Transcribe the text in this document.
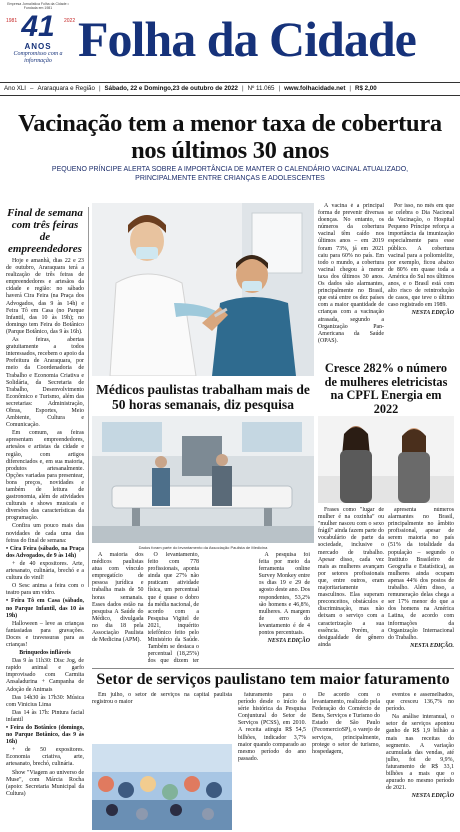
Empresa Jornalística Folha da Cidade • Fundada em 1981
1981	2022
41
ANOS
Compromisso com a informação Folha da Cidade
Ano XLI – Araraquara e Região | Sábado, 22 e Domingo,23 de outubro de 2022 | Nº 11.065 | www.folhacidade.net | R$ 2,00
Vacinação tem a menor taxa de cobertura nos últimos 30 anos
PEQUENO PRÍNCIPE ALERTA SOBRE A IMPORTÂNCIA DE MANTER O CALENDÁRIO VACINAL ATUALIZADO, PRINCIPALMENTE ENTRE CRIANÇAS E ADOLESCENTES
Final de semana com três feiras de empreendedores

Hoje e amanhã, dias 22 e 23 de outubro, Araraquara terá a realização de três feiras de empreendedores e artesãos da cidade e região: no sábado haverá Cira Feira (na Praça dos Advogados, das 9 às 14h) e Feira Tô em Casa (no Parque Infantil, das 10 às 19h); no domingo tem Feira do Botânico (Parque Botânico, das 9 às 16h).

As feiras, abertas gratuitamente a todos interessados, recebem o apoio da Prefeitura de Araraquara, por meio da Coordenadoria de Trabalho e Economia Criativa e Solidária, da Secretaria de Trabalho, Desenvolvimento Econômico e Turismo, além das secretarias: Administração, Obras, Esportes, Meio Ambiente, Cultura e Comunicação.

Em comum, as feiras apresentam empreendedores, artesãos e artistas da cidade e região, com artigos diferenciados e, em sua maioria, produtos artesanalmente. Opções variadas para presentear, bons preços, novidades e também de leitura de gastronomia, além de atividades culturais e shows musicais e diversões das características da programação.

Confira um pouco mais das novidades de cada uma das feiras do final de semana:

• Cira Feira (sábado, na Praça dos Advogados, de 9 às 14h)

+ de 40 expositores. Arte, artesanato, culinária, brechó e a cultura do vinil!

O Sesc anima a feira com o teatro para um vidro.

• Feira Tô em Casa (sábado, no Parque Infantil, das 10 às 19h)

Halloween – leve as crianças fantasiadas para gravações. Doces e travessuras para as crianças!

Brinquedos infláveis

Das 9 às 11h30: Disc Jog, de rapido animal e garfo improvisado com Carmita Ansaladurina + Campanha de Adoção de Animais

Das 14h30 às 17h30: Música com Vinicius Lima

Das 14 às 17h: Pintura facial infantil

• Feira do Botânico (domingo, no Parque Botânico, das 9 às 16h)

+ de 50 expositores. Economia criativa, arte, artesanato, brechó, culinária.

Show "Viagem ao universo de Muse", com Márcia Rocha (apoio: Secretaria Municipal da Cultura)

A vacina é a principal forma de prevenir diversas doenças. No entanto, os números da cobertura vacinal têm caído nos últimos anos – em 2019 foram 73%, já em 2021 caiu para 60% no país. Em todo o mundo, a cobertura vacinal chegou à menor taxa dos últimos 30 anos. Os dados são alarmantes, principalmente no Brasil, que está entre os dez países com a maior quantidade de crianças com a vacinação atrasada, segundo a Organização Pan-Americana da Saúde (OPAS).

Por isso, no mês em que se celebra o Dia Nacional da Vacinação, o Hospital Pequeno Príncipe reforça a importância da imunização especialmente para esse público. A cobertura vacinal para a poliomielite, por exemplo, ficou abaixo de 80% em quase toda a América do Sul nos últimos anos, e o Brasil está com alto risco de reintrodução de casos, que teve o último caso registrado em 1989.

NESTA EDIÇÃO
Médicos paulistas trabalham mais de 50 horas semanais, diz pesquisa
Dados foram parte do levantamento da Associação Paulista de Medicina

A maioria dos médicos paulistas atua com vínculo empregatício de pessoa jurídica e trabalha mais de 50 horas semanais. Esses dados estão na pesquisa A Saúde do Médico, divulgada no dia 18 pela Associação Paulista de Medicina (APM).

O levantamento, feito com 778 profissionais, aponta ainda que 27% não praticam atividade física, um percentual que é quase o dobro da média nacional, de acordo com a Pesquisa Vigitel de 2021, inquérito telefônico feito pelo Ministério da Saúde. Também se destaca o percentual (18,25%) dos que dizem ter

A pesquisa foi feita por meio da ferramenta online Survey Monkey entre os dias 19 e 29 de agosto deste ano. Dos respondentes, 53,2% são homens e 46,8%, mulheres. A margem de erro do levantamento é de 4 pontos percentuais.

NESTA EDIÇÃO
Cresce 282% o número de mulheres eletricistas na CPFL Energia em 2022

Frases como "lugar de mulher é na cozinha" ou "mulher nasceu com o sexo frágil" ainda fazem parte do vocabulário de parte da sociedade, inclusive o mercado de trabalho. Apesar disso, cada vez mais as mulheres avançam por setores profissionais que, entre outros, eram majoritariamente masculinos. Elas superam preconceitos, obstáculos e discriminação, mas não deixam o serviço com a caracterização a sua essência. Porém, a desigualdade de gênero ainda

apresenta números alarmantes no Brasil, principalmente no âmbito profissional, apesar de serem maioria no país (51% da totalidade da população – segundo o Instituto Brasileiro de Geografia e Estatística), as mulheres ainda ocupam apenas 44% dos postos de trabalho. Além disso, a remuneração delas chega a ser 17% menor do que a dos homens na América Latina, de acordo com informações da Organização Internacional do Trabalho.

NESTA EDIÇÃO.
Setor de serviços paulistano tem maior faturamento

Em julho, o setor de serviços na capital paulista registrou o maior

faturamento para o período desde o início da série histórica da Pesquisa Conjuntural do Setor de Serviços (PCSS), em 2010. A receita atingiu R$ 54,5 bilhões, indicador 3,7% maior quando comparado ao mesmo período do ano passado.

De acordo com o levantamento, realizado pela Federação do Comércio de Bens, Serviços e Turismo do Estado de São Paulo (FecomercioSP), o varejo de serviços, principalmente, protege o setor de turismo, hospedagem,

eventos e assemelhados, que cresceu 136,7% no período.

Na análise interanual, o setor de serviços apontou ganho de R$ 1,9 bilhão a mais nas receitas do segmento. A variação acumulada das vendas, até julho, foi de 9,9%, faturamento de R$ 33,1 bilhões a mais que o apurado no mesmo período de 2021.

NESTA EDIÇÃO
